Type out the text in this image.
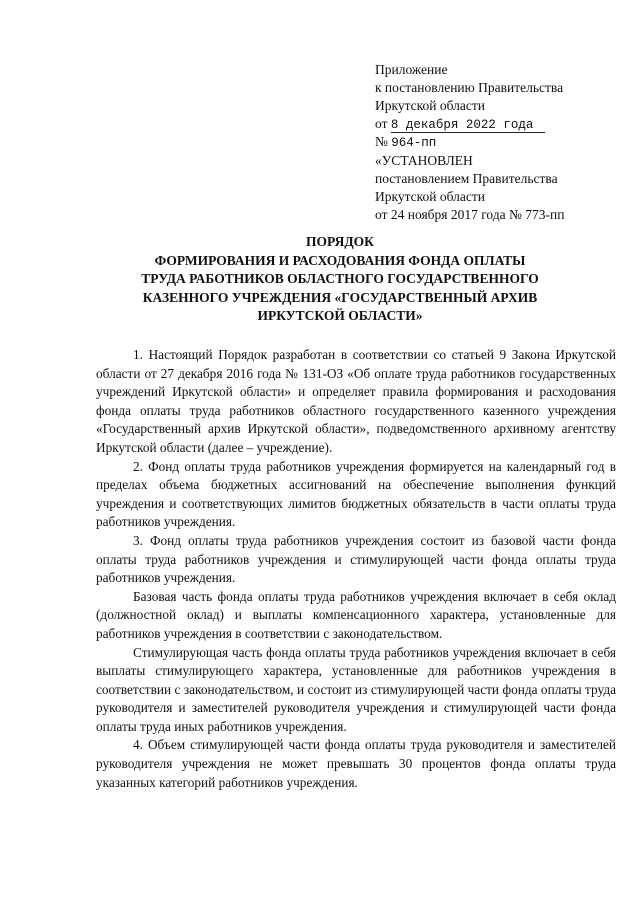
Приложение
к постановлению Правительства
Иркутской области
от 8 декабря 2022 года
№ 964-пп
«УСТАНОВЛЕН
постановлением Правительства
Иркутской области
от 24 ноября 2017 года № 773-пп
ПОРЯДОК
ФОРМИРОВАНИЯ И РАСХОДОВАНИЯ ФОНДА ОПЛАТЫ
ТРУДА РАБОТНИКОВ ОБЛАСТНОГО ГОСУДАРСТВЕННОГО
КАЗЕННОГО УЧРЕЖДЕНИЯ «ГОСУДАРСТВЕННЫЙ АРХИВ
ИРКУТСКОЙ ОБЛАСТИ»

1. Настоящий Порядок разработан в соответствии со статьей 9 Закона Иркутской области от 27 декабря 2016 года № 131-ОЗ «Об оплате труда работников государственных учреждений Иркутской области» и определяет правила формирования и расходования фонда оплаты труда работников областного государственного казенного учреждения «Государственный архив Иркутской области», подведомственного архивному агентству Иркутской области (далее – учреждение).

2. Фонд оплаты труда работников учреждения формируется на календарный год в пределах объема бюджетных ассигнований на обеспечение выполнения функций учреждения и соответствующих лимитов бюджетных обязательств в части оплаты труда работников учреждения.

3. Фонд оплаты труда работников учреждения состоит из базовой части фонда оплаты труда работников учреждения и стимулирующей части фонда оплаты труда работников учреждения.

Базовая часть фонда оплаты труда работников учреждения включает в себя оклад (должностной оклад) и выплаты компенсационного характера, установленные для работников учреждения в соответствии с законодательством.

Стимулирующая часть фонда оплаты труда работников учреждения включает в себя выплаты стимулирующего характера, установленные для работников учреждения в соответствии с законодательством, и состоит из стимулирующей части фонда оплаты труда руководителя и заместителей руководителя учреждения и стимулирующей части фонда оплаты труда иных работников учреждения.

4. Объем стимулирующей части фонда оплаты труда руководителя и заместителей руководителя учреждения не может превышать 30 процентов фонда оплаты труда указанных категорий работников учреждения.
